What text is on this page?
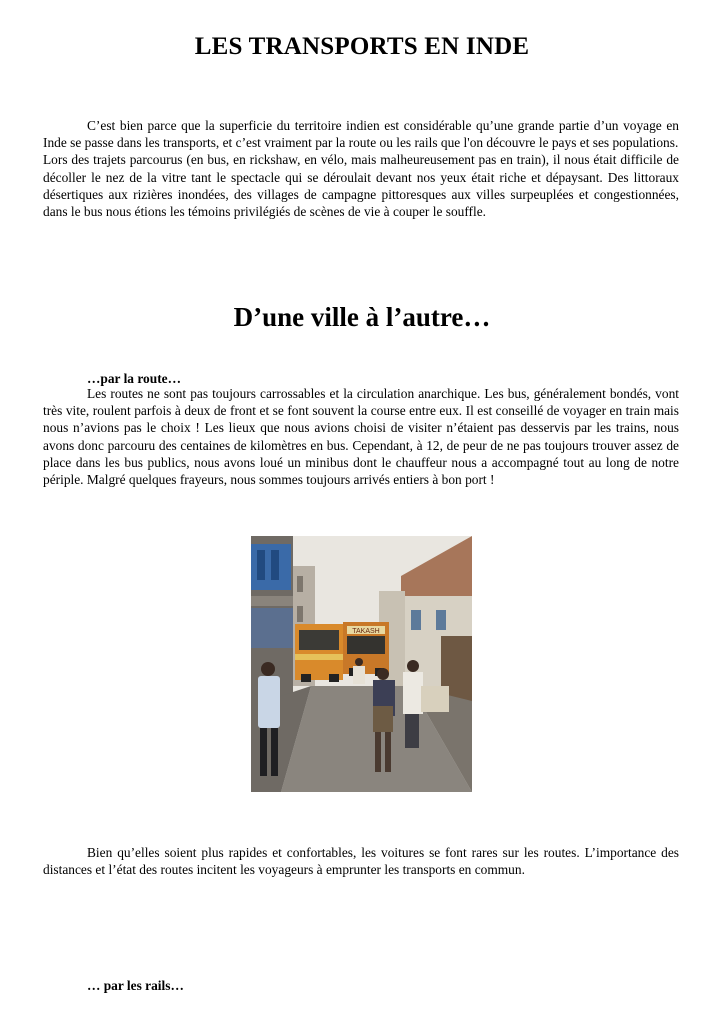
LES TRANSPORTS EN INDE

C’est bien parce que la superficie du territoire indien est considérable qu’une grande partie d’un voyage en Inde se passe dans les transports, et c’est vraiment par la route ou les rails que l'on découvre le pays et ses populations.
Lors des trajets parcourus (en bus, en rickshaw, en vélo, mais malheureusement pas en train), il nous était difficile de décoller le nez de la vitre tant le spectacle qui se déroulait devant nos yeux était riche et dépaysant. Des littoraux désertiques aux rizières inondées, des villages de campagne pittoresques aux villes surpeuplées et congestionnées, dans le bus nous étions les témoins privilégiés de scènes de vie à couper le souffle.

D’une ville à l’autre…

…par la route…

Les routes ne sont pas toujours carrossables et la circulation anarchique. Les bus, généralement bondés, vont très vite, roulent parfois à deux de front et se font souvent la course entre eux. Il est conseillé de voyager en train mais nous n’avions pas le choix ! Les lieux que nous avions choisi de visiter n’étaient pas desservis par les trains, nous avons donc parcouru des centaines de kilomètres en bus. Cependant, à 12, de peur de ne pas toujours trouver assez de place dans les bus publics, nous avons loué un minibus dont le chauffeur nous a accompagné tout au long de notre périple. Malgré quelques frayeurs, nous sommes toujours arrivés entiers à bon port !

TAKASH

Bien qu’elles soient plus rapides et confortables, les voitures se font rares sur les routes. L’importance des distances et l’état des routes incitent les voyageurs à emprunter les transports en commun.

… par les rails…
